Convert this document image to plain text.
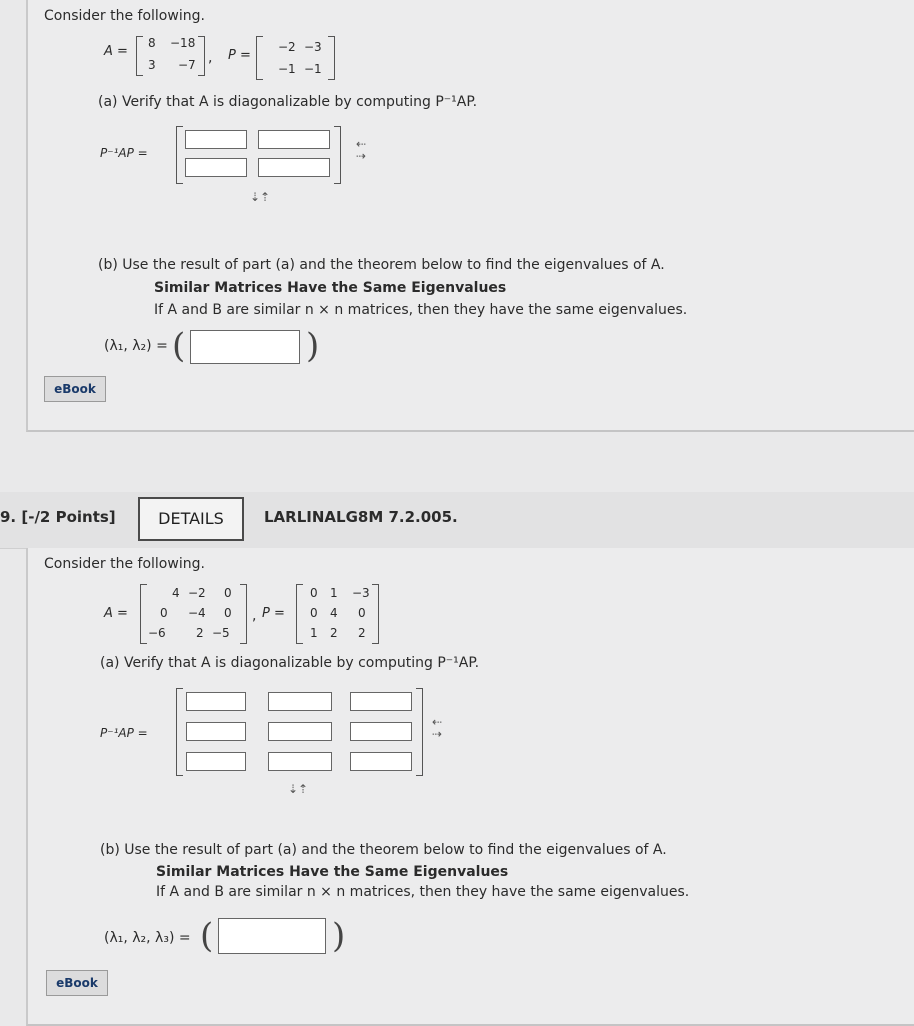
Consider the following.
A =
8 −18
3 −7 , P =
−2 −3
−1 −1
(a) Verify that A is diagonalizable by computing P⁻¹AP.
P⁻¹AP =
⇠
⇢
⇣⇡
(b) Use the result of part (a) and the theorem below to find the eigenvalues of A.
Similar Matrices Have the Same Eigenvalues
If A and B are similar n × n matrices, then they have the same eigenvalues.
(λ₁, λ₂) = (	)
eBook
9. [-/2 Points]	DETAILS	LARLINALG8M 7.2.005.
Consider the following.
A =
4 −2 0
0 −4 0
−6	2 −5
, P =
0 1 −3
0 4 0
1 2 2
(a) Verify that A is diagonalizable by computing P⁻¹AP.
P⁻¹AP =
⇠
⇢
⇣⇡
(b) Use the result of part (a) and the theorem below to find the eigenvalues of A.
Similar Matrices Have the Same Eigenvalues
If A and B are similar n × n matrices, then they have the same eigenvalues.
(λ₁, λ₂, λ₃) = (	)
eBook
